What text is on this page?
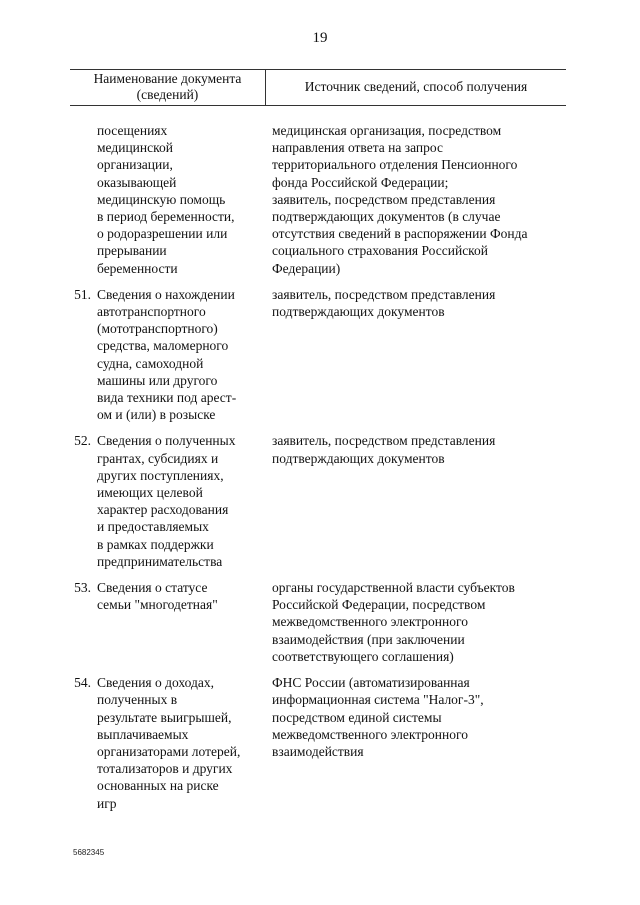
19
Наименование документа
(сведений)
Источник сведений, способ получения
посещениях
медицинской
организации,
оказывающей
медицинскую помощь
в период беременности,
о родоразрешении или
прерывании
беременности
медицинская организация, посредством
направления ответа на запрос
территориального отделения Пенсионного
фонда Российской Федерации;
заявитель, посредством представления
подтверждающих документов (в случае
отсутствия сведений в распоряжении Фонда
социального страхования Российской
Федерации)
51. Сведения о нахождении
автотранспортного
(мототранспортного)
средства, маломерного
судна, самоходной
машины или другого
вида техники под арест-
ом и (или) в розыске
заявитель, посредством представления
подтверждающих документов
52. Сведения о полученных
грантах, субсидиях и
других поступлениях,
имеющих целевой
характер расходования
и предоставляемых
в рамках поддержки
предпринимательства
заявитель, посредством представления
подтверждающих документов
53. Сведения о статусе
семьи "многодетная"
органы государственной власти субъектов
Российской Федерации, посредством
межведомственного электронного
взаимодействия (при заключении
соответствующего соглашения)
54. Сведения о доходах,
полученных в
результате выигрышей,
выплачиваемых
организаторами лотерей,
тотализаторов и других
основанных на риске
игр
ФНС России (автоматизированная
информационная система "Налог-3",
посредством единой системы
межведомственного электронного
взаимодействия
5682345
